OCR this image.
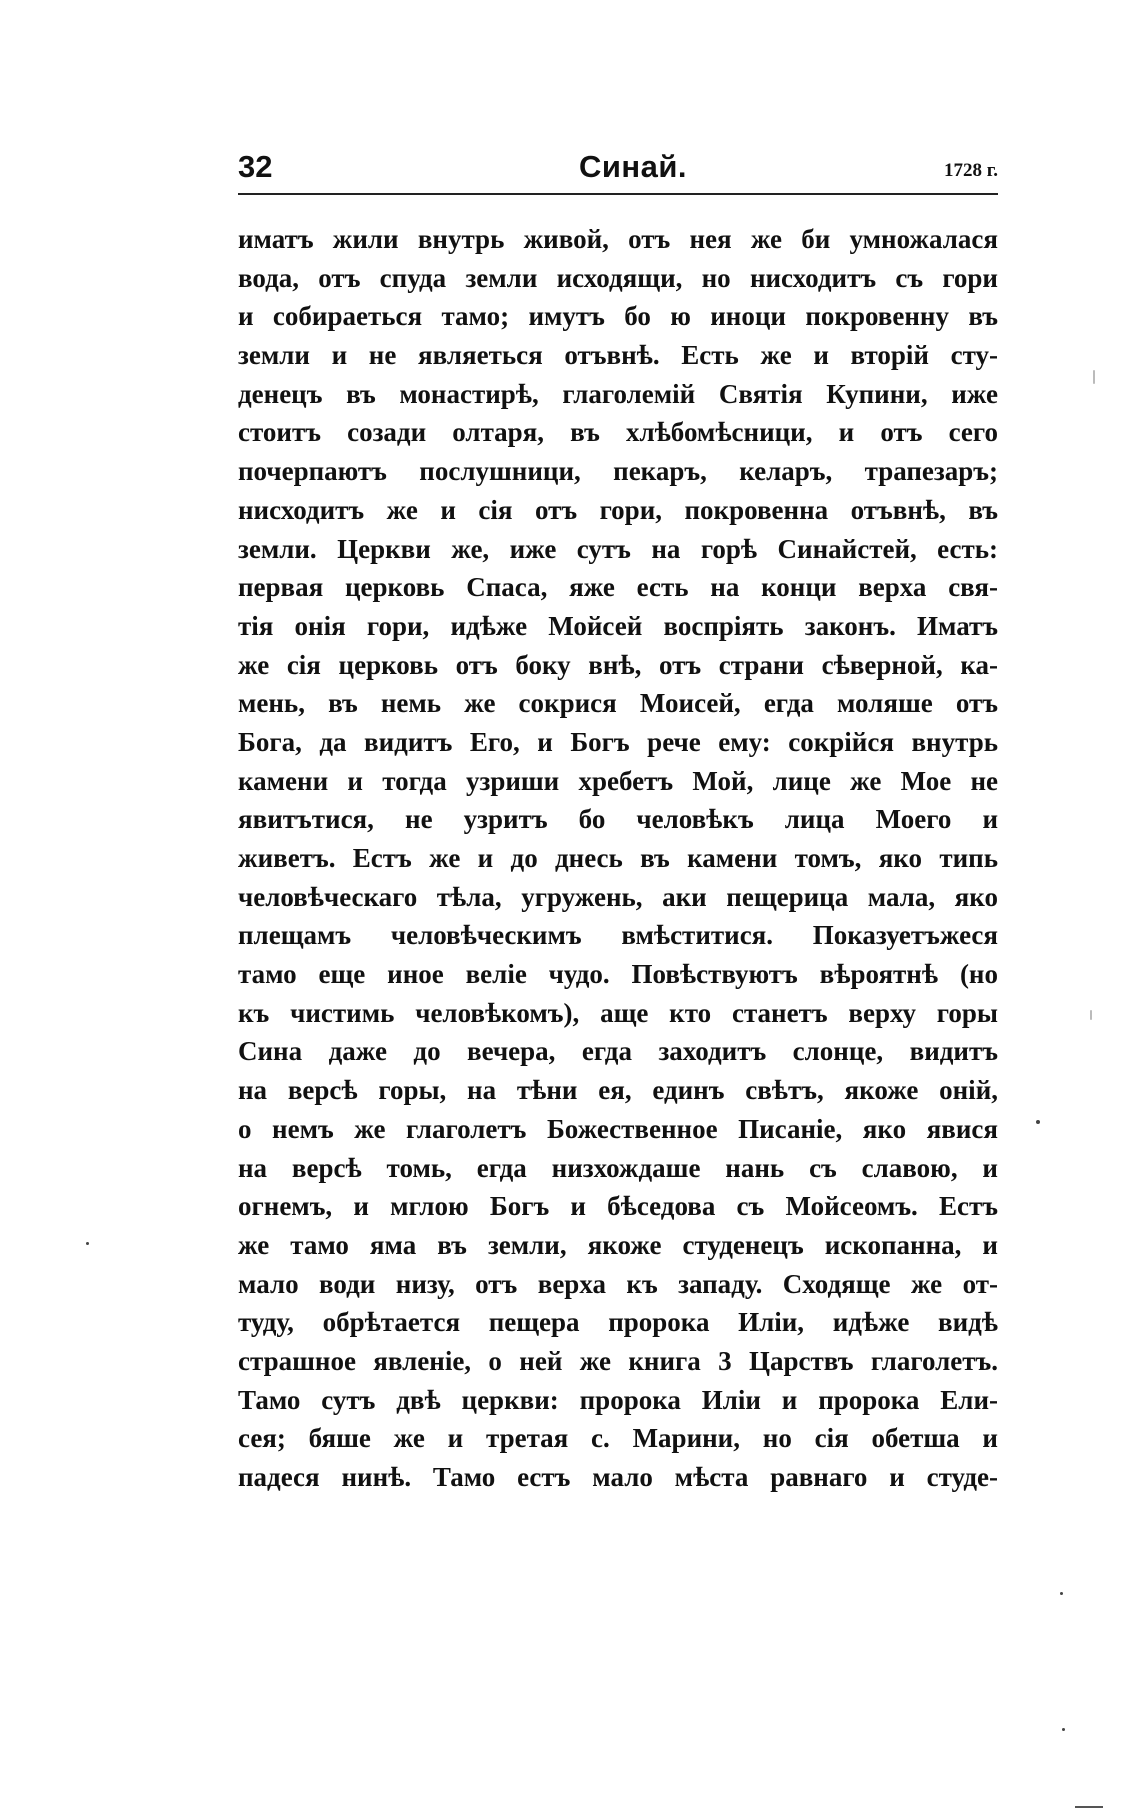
32	Синай.	1728 г.
иматъ жили внутрь живой, отъ нея же би умножалася
вода, отъ спуда земли исходящи, но нисходитъ съ гори
и собираеться тамо; имутъ бо ю иноци покровенну въ
земли и не являеться отъвнѣ. Есть же и вторій сту-
денецъ въ монастирѣ, глаголемій Святія Купини, иже
стоитъ созади олтаря, въ хлѣбомѣсници, и отъ сего
почерпаютъ послушници, пекаръ, келаръ, трапезаръ;
нисходитъ же и сія отъ гори, покровенна отъвнѣ, въ
земли. Церкви же, иже сутъ на горѣ Синайстей, есть:
первая церковь Спаса, яже есть на конци верха свя-
тія онія гори, идѣже Мойсей воспріять законъ. Иматъ
же сія церковь отъ боку внѣ, отъ страни сѣверной, ка-
мень, въ немь же сокрися Моисей, егда моляше отъ
Бога, да видитъ Его, и Богъ рече ему: сокрійся внутрь
камени и тогда узриши хребетъ Мой, лице же Мое не
явитътися, не узритъ бо человѣкъ лица Моего и
живетъ. Естъ же и до днесь въ камени томъ, яко типь
человѣческаго тѣла, угружень, аки пещерица мала, яко
плещамъ человѣческимъ вмѣститися. Показуетъжеся
тамо еще иное веліе чудо. Повѣствуютъ вѣроятнѣ (но
къ чистимь человѣкомъ), аще кто станетъ верху горы
Сина даже до вечера, егда заходитъ слонце, видитъ
на версѣ горы, на тѣни ея, единъ свѣтъ, якоже оній,
о немъ же глаголетъ Божественное Писаніе, яко явися
на версѣ томь, егда низхождаше нань съ славою, и
огнемъ, и мглою Богъ и бѣседова съ Мойсеомъ. Естъ
же тамо яма въ земли, якоже студенецъ ископанна, и
мало води низу, отъ верха къ западу. Сходяще же от-
туду, обрѣтается пещера пророка Иліи, идѣже видѣ
страшное явленіе, о ней же книга 3 Царствъ глаголетъ.
Тамо сутъ двѣ церкви: пророка Иліи и пророка Ели-
сея; бяше же и третая с. Марини, но сія обетша и
падеся нинѣ. Тамо естъ мало мѣста равнаго и студе-
